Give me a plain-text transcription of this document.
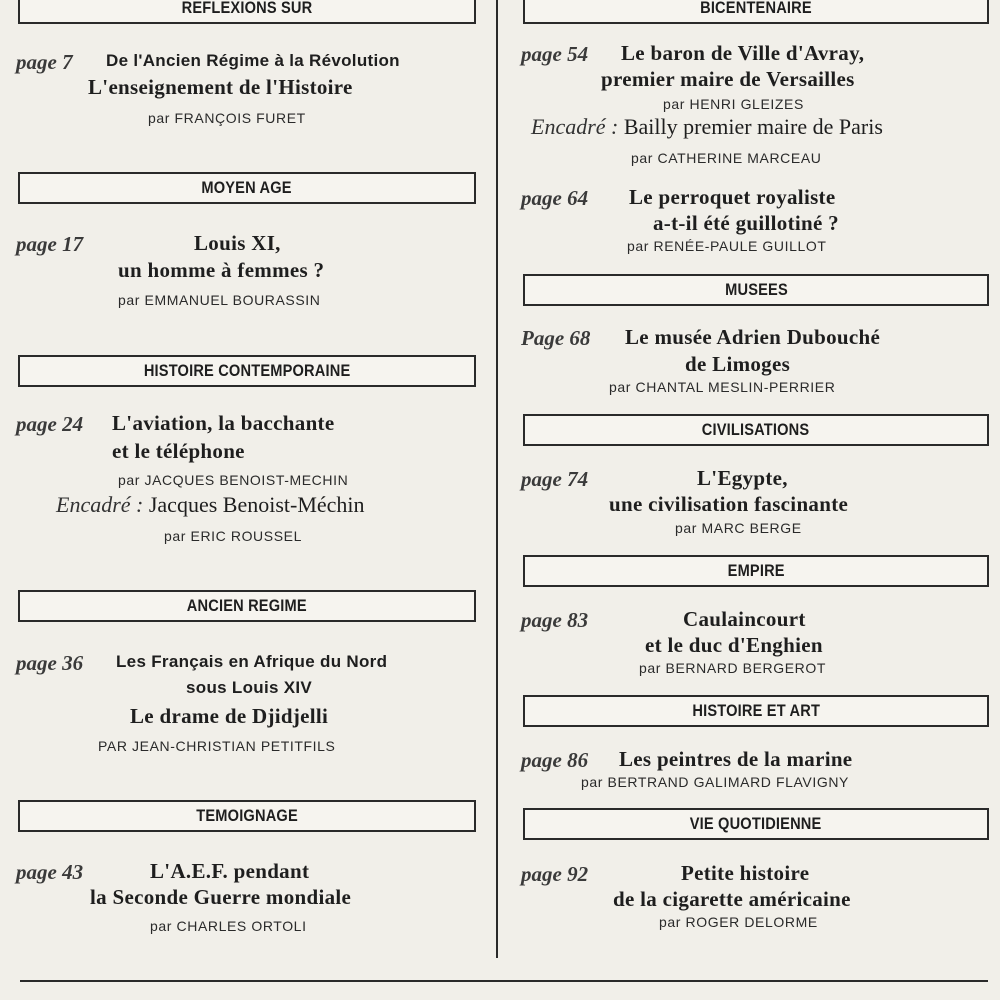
REFLEXIONS SUR
page 7 De l'Ancien Régime à la Révolution
L'enseignement de l'Histoire
par FRANÇOIS FURET
MOYEN AGE
page 17	Louis XI,
un homme à femmes ?
par EMMANUEL BOURASSIN
HISTOIRE CONTEMPORAINE
page 24 L'aviation, la bacchante
et le téléphone
par JACQUES BENOIST-MECHIN
Encadré : Jacques Benoist-Méchin
par ERIC ROUSSEL
ANCIEN REGIME
page 36 Les Français en Afrique du Nord
sous Louis XIV
Le drame de Djidjelli
PAR JEAN-CHRISTIAN PETITFILS
TEMOIGNAGE
page 43	L'A.E.F. pendant
la Seconde Guerre mondiale
par CHARLES ORTOLI
BICENTENAIRE
page 54 Le baron de Ville d'Avray,
premier maire de Versailles
par HENRI GLEIZES
Encadré : Bailly premier maire de Paris
par CATHERINE MARCEAU
page 64 Le perroquet royaliste
a-t-il été guillotiné ?
par RENÉE-PAULE GUILLOT
MUSEES
Page 68 Le musée Adrien Dubouché
de Limoges
par CHANTAL MESLIN-PERRIER
CIVILISATIONS
page 74	L'Egypte,
une civilisation fascinante
par MARC BERGE
EMPIRE
page 83	Caulaincourt
et le duc d'Enghien
par BERNARD BERGEROT
HISTOIRE ET ART
page 86 Les peintres de la marine
par BERTRAND GALIMARD FLAVIGNY
VIE QUOTIDIENNE
page 92	Petite histoire
de la cigarette américaine
par ROGER DELORME
